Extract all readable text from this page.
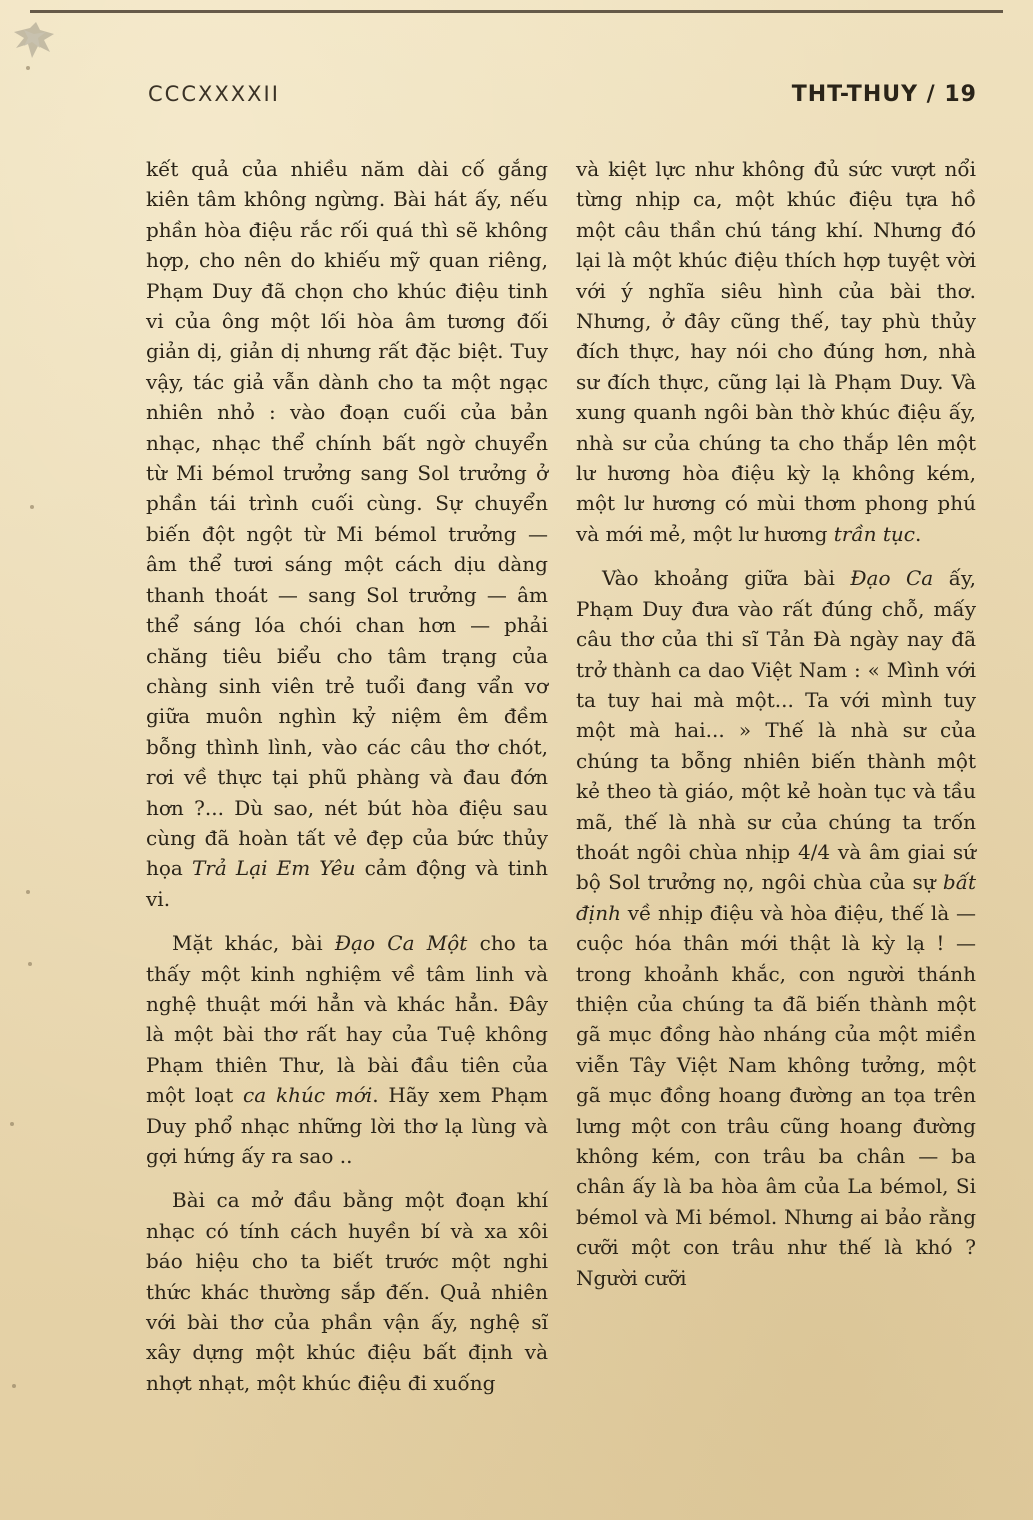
CCCXXXXII	THT-THUY / 19

kết quả của nhiều năm dài cố gắng kiên tâm không ngừng. Bài hát ấy, nếu phần hòa điệu rắc rối quá thì sẽ không hợp, cho nên do khiếu mỹ quan riêng, Phạm Duy đã chọn cho khúc điệu tinh vi của ông một lối hòa âm tương đối giản dị, giản dị nhưng rất đặc biệt. Tuy vậy, tác giả vẫn dành cho ta một ngạc nhiên nhỏ : vào đoạn cuối của bản nhạc, nhạc thể chính bất ngờ chuyển từ Mi bémol trưởng sang Sol trưởng ở phần tái trình cuối cùng. Sự chuyển biến đột ngột từ Mi bémol trưởng — âm thể tươi sáng một cách dịu dàng thanh thoát — sang Sol trưởng — âm thể sáng lóa chói chan hơn — phải chăng tiêu biểu cho tâm trạng của chàng sinh viên trẻ tuổi đang vẩn vơ giữa muôn nghìn kỷ niệm êm đềm bỗng thình lình, vào các câu thơ chót, rơi về thực tại phũ phàng và đau đớn hơn ?... Dù sao, nét bút hòa điệu sau cùng đã hoàn tất vẻ đẹp của bức thủy họa Trả Lại Em Yêu cảm động và tinh vi.

Mặt khác, bài Đạo Ca Một cho ta thấy một kinh nghiệm về tâm linh và nghệ thuật mới hẳn và khác hẳn. Đây là một bài thơ rất hay của Tuệ không Phạm thiên Thư, là bài đầu tiên của một loạt ca khúc mới. Hãy xem Phạm Duy phổ nhạc những lời thơ lạ lùng và gợi hứng ấy ra sao ..

Bài ca mở đầu bằng một đoạn khí nhạc có tính cách huyền bí và xa xôi báo hiệu cho ta biết trước một nghi thức khác thường sắp đến. Quả nhiên với bài thơ của phần vận ấy, nghệ sĩ xây dựng một khúc điệu bất định và nhợt nhạt, một khúc điệu đi xuống

và kiệt lực như không đủ sức vượt nổi từng nhịp ca, một khúc điệu tựa hồ một câu thần chú táng khí. Nhưng đó lại là một khúc điệu thích hợp tuyệt vời với ý nghĩa siêu hình của bài thơ. Nhưng, ở đây cũng thế, tay phù thủy đích thực, hay nói cho đúng hơn, nhà sư đích thực, cũng lại là Phạm Duy. Và xung quanh ngôi bàn thờ khúc điệu ấy, nhà sư của chúng ta cho thắp lên một lư hương hòa điệu kỳ lạ không kém, một lư hương có mùi thơm phong phú và mới mẻ, một lư hương trần tục.

Vào khoảng giữa bài Đạo Ca ấy, Phạm Duy đưa vào rất đúng chỗ, mấy câu thơ của thi sĩ Tản Đà ngày nay đã trở thành ca dao Việt Nam : « Mình với ta tuy hai mà một... Ta với mình tuy một mà hai... » Thế là nhà sư của chúng ta bỗng nhiên biến thành một kẻ theo tà giáo, một kẻ hoàn tục và tầu mã, thế là nhà sư của chúng ta trốn thoát ngôi chùa nhịp 4/4 và âm giai sứ bộ Sol trưởng nọ, ngôi chùa của sự bất định về nhịp điệu và hòa điệu, thế là — cuộc hóa thân mới thật là kỳ lạ ! — trong khoảnh khắc, con người thánh thiện của chúng ta đã biến thành một gã mục đồng hào nháng của một miền viễn Tây Việt Nam không tưởng, một gã mục đồng hoang đường an tọa trên lưng một con trâu cũng hoang đường không kém, con trâu ba chân — ba chân ấy là ba hòa âm của La bémol, Si bémol và Mi bémol. Nhưng ai bảo rằng cưỡi một con trâu như thế là khó ? Người cưỡi
